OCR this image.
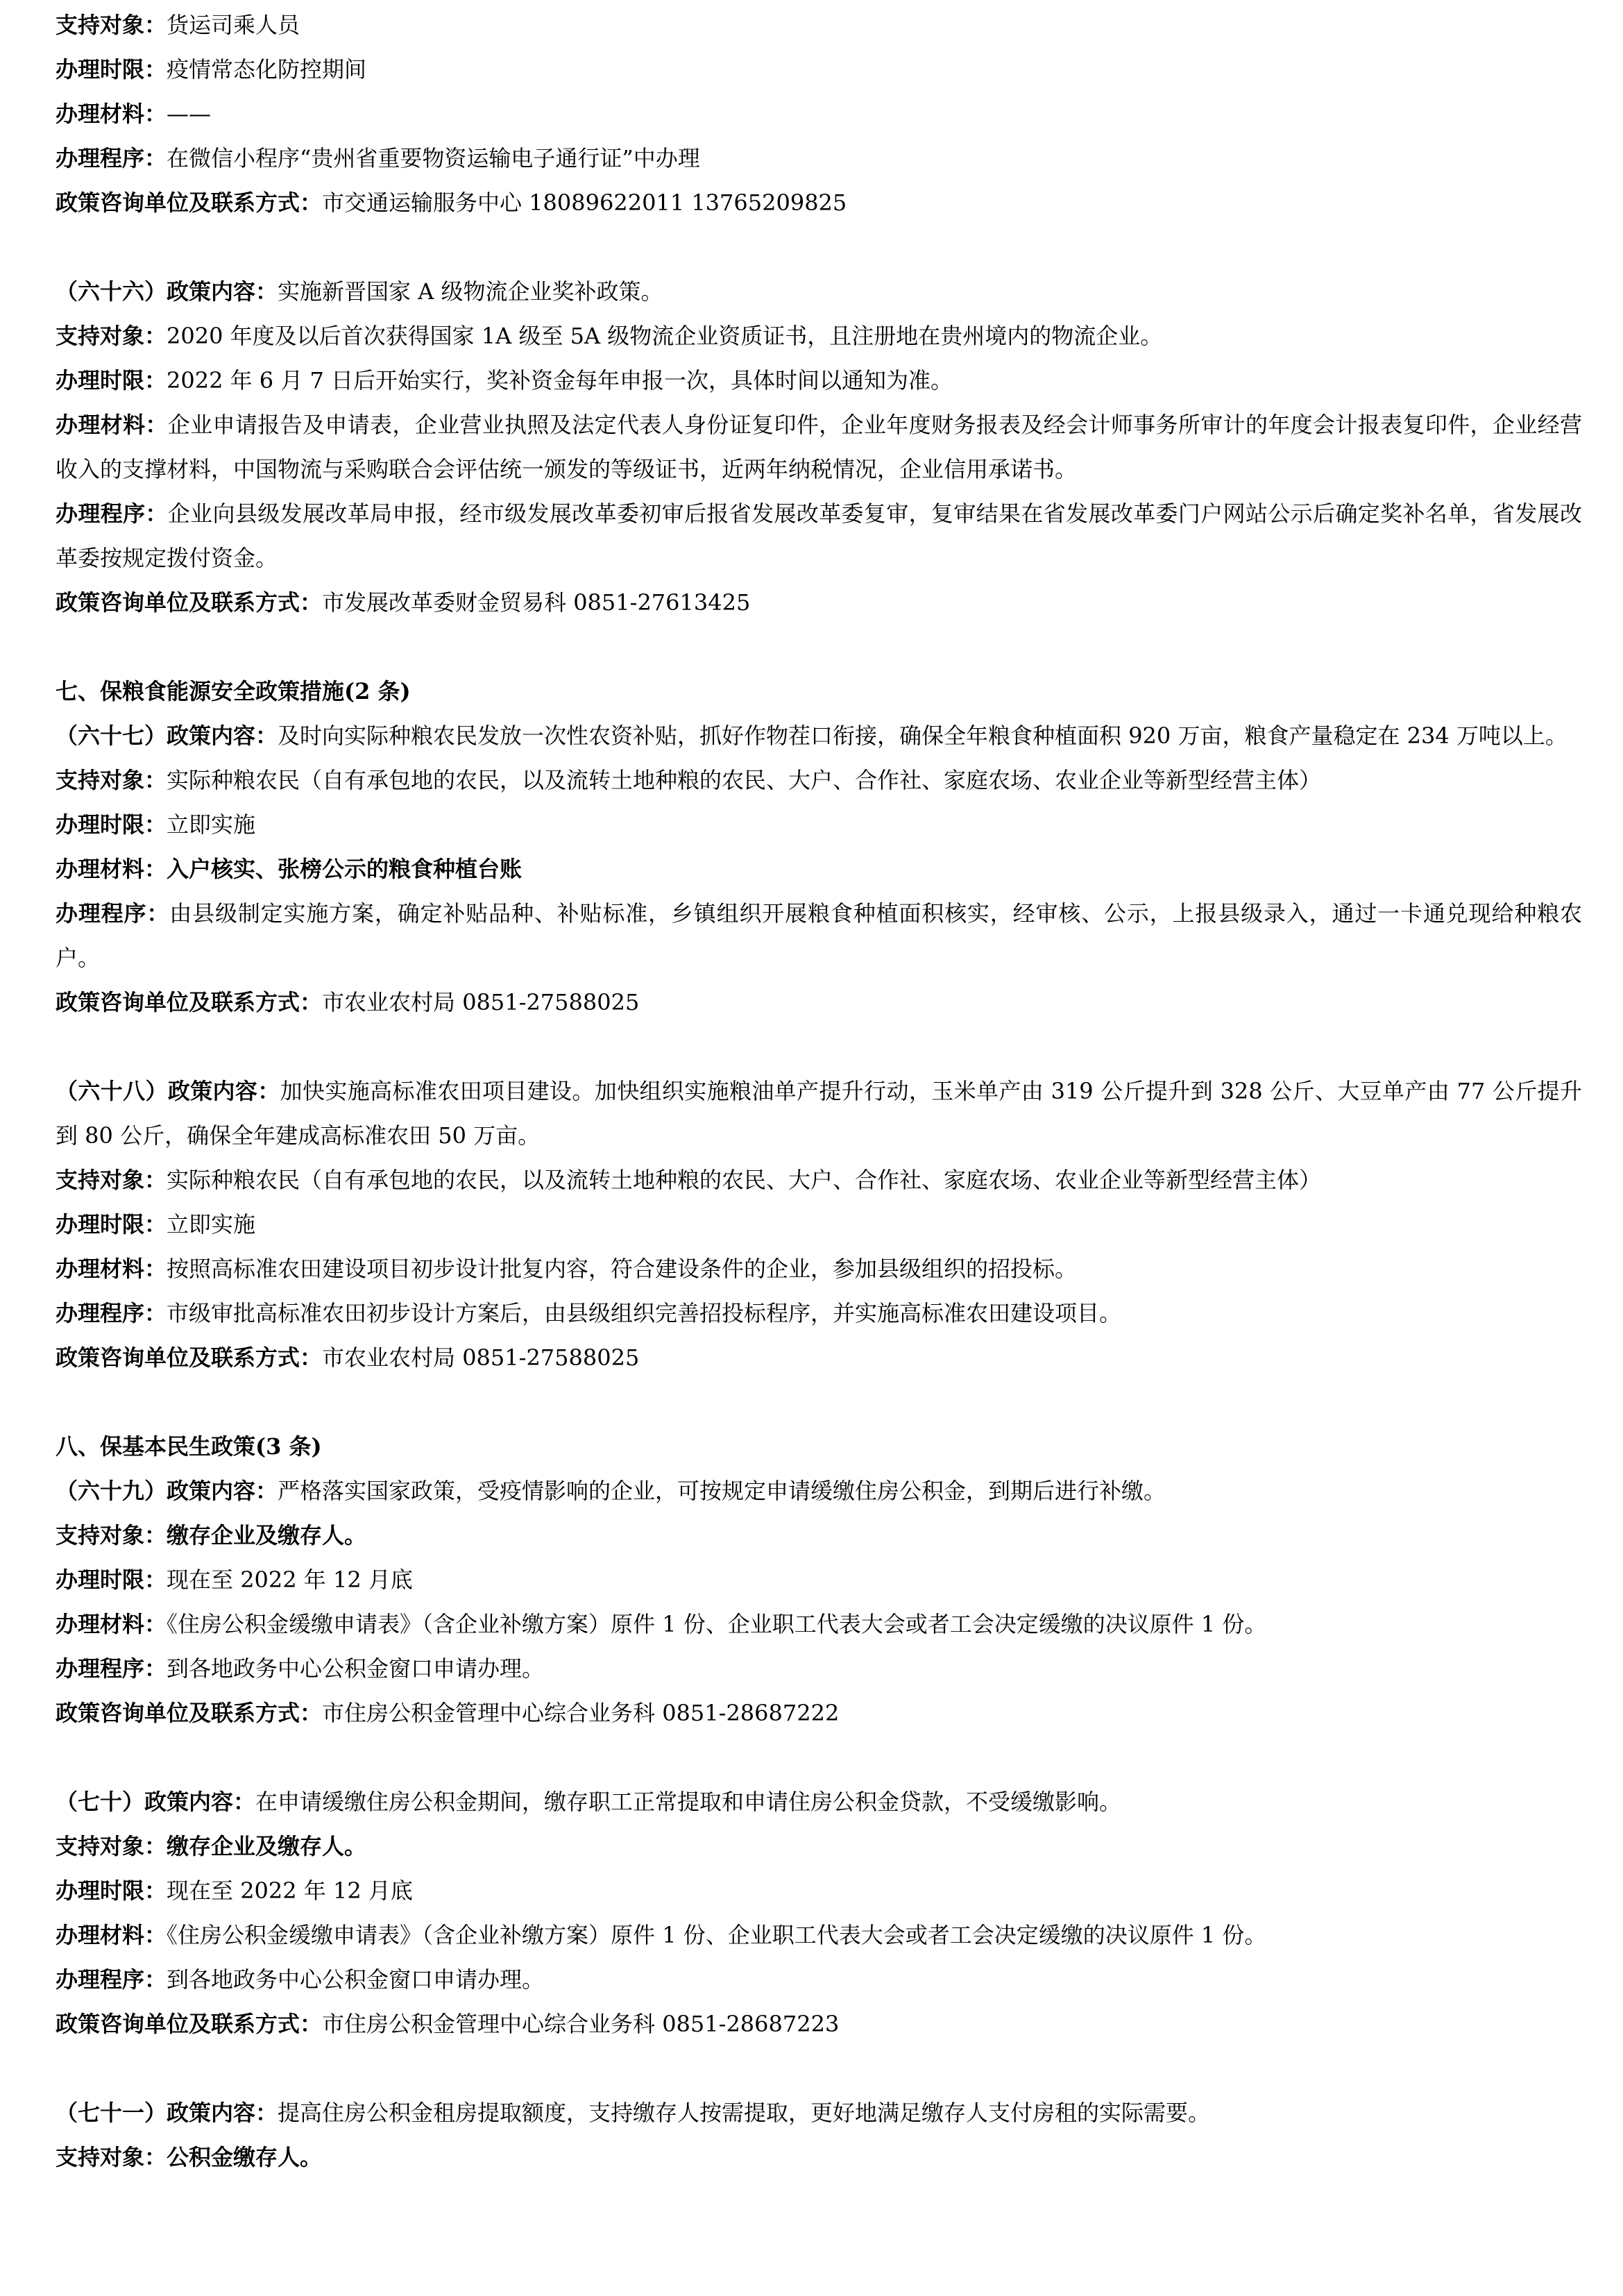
支持对象：货运司乘人员
办理时限：疫情常态化防控期间
办理材料：——
办理程序：在微信小程序“贵州省重要物资运输电子通行证”中办理
政策咨询单位及联系方式：市交通运输服务中心 18089622011 13765209825
（六十六）政策内容：实施新晋国家 A 级物流企业奖补政策。
支持对象：2020 年度及以后首次获得国家 1A 级至 5A 级物流企业资质证书，且注册地在贵州境内的物流企业。
办理时限：2022 年 6 月 7 日后开始实行，奖补资金每年申报一次，具体时间以通知为准。
办理材料：企业申请报告及申请表，企业营业执照及法定代表人身份证复印件，企业年度财务报表及经会计师事务所审计的年度会计报表复印件，企业经营收入的支撑材料，中国物流与采购联合会评估统一颁发的等级证书，近两年纳税情况，企业信用承诺书。
办理程序：企业向县级发展改革局申报，经市级发展改革委初审后报省发展改革委复审，复审结果在省发展改革委门户网站公示后确定奖补名单，省发展改革委按规定拨付资金。
政策咨询单位及联系方式：市发展改革委财金贸易科 0851-27613425
七、保粮食能源安全政策措施(2 条)
（六十七）政策内容：及时向实际种粮农民发放一次性农资补贴，抓好作物茬口衔接，确保全年粮食种植面积 920 万亩，粮食产量稳定在 234 万吨以上。
支持对象：实际种粮农民（自有承包地的农民，以及流转土地种粮的农民、大户、合作社、家庭农场、农业企业等新型经营主体）
办理时限：立即实施
办理材料：入户核实、张榜公示的粮食种植台账
办理程序：由县级制定实施方案，确定补贴品种、补贴标准，乡镇组织开展粮食种植面积核实，经审核、公示，上报县级录入，通过一卡通兑现给种粮农户。
政策咨询单位及联系方式：市农业农村局 0851-27588025
（六十八）政策内容：加快实施高标准农田项目建设。加快组织实施粮油单产提升行动，玉米单产由 319 公斤提升到 328 公斤、大豆单产由 77 公斤提升到 80 公斤，确保全年建成高标准农田 50 万亩。
支持对象：实际种粮农民（自有承包地的农民，以及流转土地种粮的农民、大户、合作社、家庭农场、农业企业等新型经营主体）
办理时限：立即实施
办理材料：按照高标准农田建设项目初步设计批复内容，符合建设条件的企业，参加县级组织的招投标。
办理程序：市级审批高标准农田初步设计方案后，由县级组织完善招投标程序，并实施高标准农田建设项目。
政策咨询单位及联系方式：市农业农村局 0851-27588025
八、保基本民生政策(3 条)
（六十九）政策内容：严格落实国家政策，受疫情影响的企业，可按规定申请缓缴住房公积金，到期后进行补缴。
支持对象：缴存企业及缴存人。
办理时限：现在至 2022 年 12 月底
办理材料：《住房公积金缓缴申请表》（含企业补缴方案）原件 1 份、企业职工代表大会或者工会决定缓缴的决议原件 1 份。
办理程序：到各地政务中心公积金窗口申请办理。
政策咨询单位及联系方式：市住房公积金管理中心综合业务科 0851-28687222
（七十）政策内容：在申请缓缴住房公积金期间，缴存职工正常提取和申请住房公积金贷款，不受缓缴影响。
支持对象：缴存企业及缴存人。
办理时限：现在至 2022 年 12 月底
办理材料：《住房公积金缓缴申请表》（含企业补缴方案）原件 1 份、企业职工代表大会或者工会决定缓缴的决议原件 1 份。
办理程序：到各地政务中心公积金窗口申请办理。
政策咨询单位及联系方式：市住房公积金管理中心综合业务科 0851-28687223
（七十一）政策内容：提高住房公积金租房提取额度，支持缴存人按需提取，更好地满足缴存人支付房租的实际需要。
支持对象：公积金缴存人。
